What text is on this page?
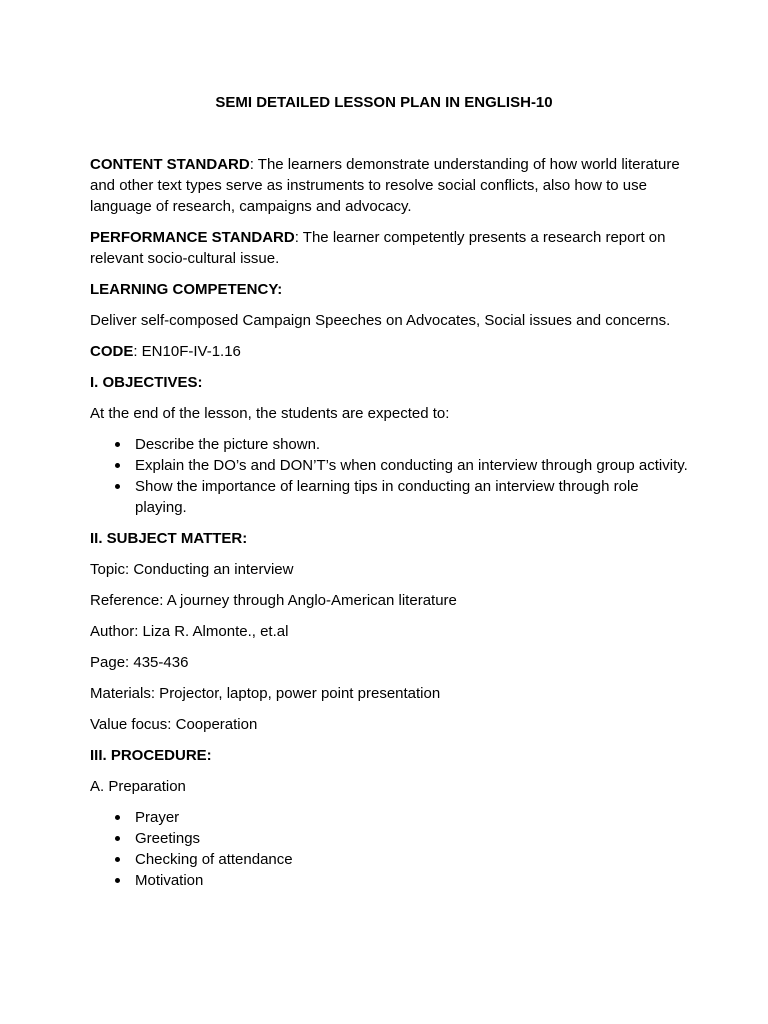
SEMI DETAILED LESSON PLAN IN ENGLISH-10

CONTENT STANDARD: The learners demonstrate understanding of how world literature and other text types serve as instruments to resolve social conflicts, also how to use language of research, campaigns and advocacy.

PERFORMANCE STANDARD: The learner competently presents a research report on relevant socio-cultural issue.

LEARNING COMPETENCY:

Deliver self-composed Campaign Speeches on Advocates, Social issues and concerns.

CODE: EN10F-IV-1.16

I. OBJECTIVES:

At the end of the lesson, the students are expected to:

Describe the picture shown.
Explain the DO’s and DON’T’s when conducting an interview through group activity.
Show the importance of learning tips in conducting an interview through role playing.

II. SUBJECT MATTER:

Topic: Conducting an interview

Reference: A journey through Anglo-American literature

Author: Liza R. Almonte., et.al

Page: 435-436

Materials: Projector, laptop, power point presentation

Value focus: Cooperation

III. PROCEDURE:

A. Preparation

Prayer
Greetings
Checking of attendance
Motivation
